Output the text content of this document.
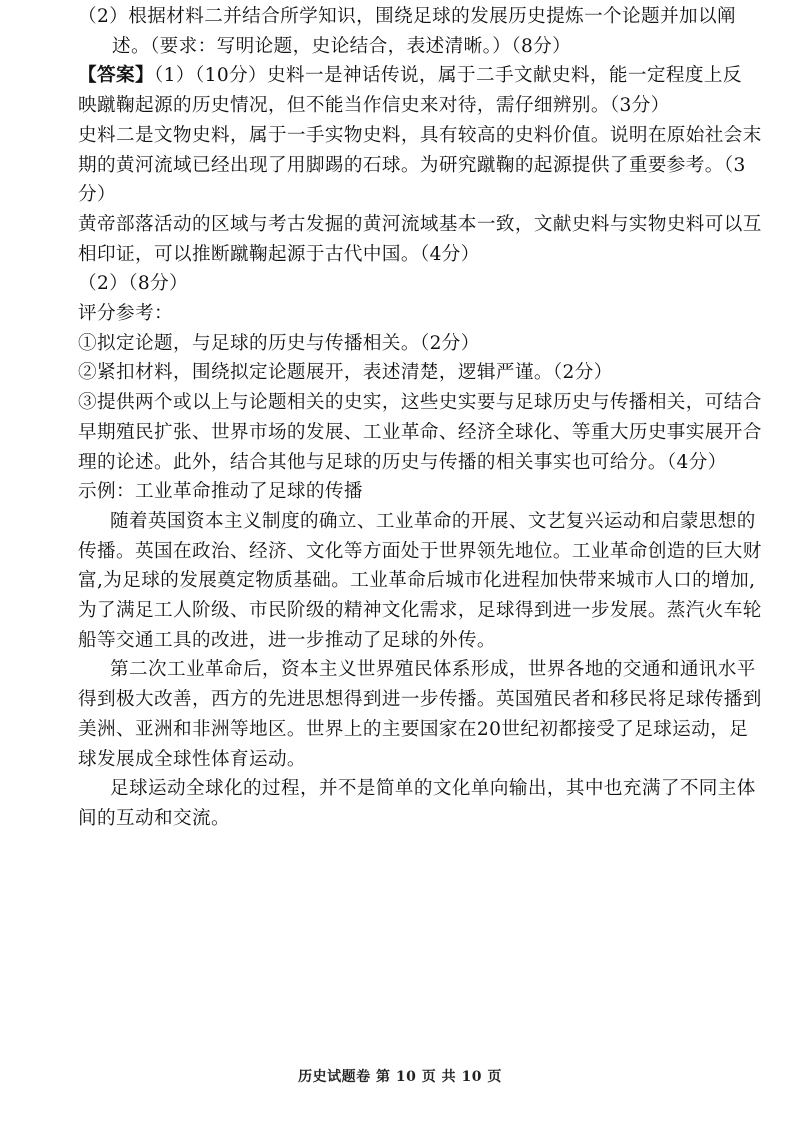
（2）根据材料二并结合所学知识，围绕足球的发展历史提炼一个论题并加以阐

述。（要求：写明论题，史论结合，表述清晰。）（8分）

【答案】（1）（10分）史料一是神话传说，属于二手文献史料，能一定程度上反

映蹴鞠起源的历史情况，但不能当作信史来对待，需仔细辨别。（3分）

史料二是文物史料，属于一手实物史料，具有较高的史料价值。说明在原始社会末

期的黄河流域已经出现了用脚踢的石球。为研究蹴鞠的起源提供了重要参考。（3

分）

黄帝部落活动的区域与考古发掘的黄河流域基本一致，文献史料与实物史料可以互

相印证，可以推断蹴鞠起源于古代中国。（4分）

（2）（8分）

评分参考：

①拟定论题，与足球的历史与传播相关。（2分）

②紧扣材料，围绕拟定论题展开，表述清楚，逻辑严谨。（2分）

③提供两个或以上与论题相关的史实，这些史实要与足球历史与传播相关，可结合

早期殖民扩张、世界市场的发展、工业革命、经济全球化、等重大历史事实展开合

理的论述。此外，结合其他与足球的历史与传播的相关事实也可给分。（4分）

示例：工业革命推动了足球的传播

随着英国资本主义制度的确立、工业革命的开展、文艺复兴运动和启蒙思想的

传播。英国在政治、经济、文化等方面处于世界领先地位。工业革命创造的巨大财

富,为足球的发展奠定物质基础。工业革命后城市化进程加快带来城市人口的增加,

为了满足工人阶级、市民阶级的精神文化需求，足球得到进一步发展。蒸汽火车轮

船等交通工具的改进，进一步推动了足球的外传。

第二次工业革命后，资本主义世界殖民体系形成，世界各地的交通和通讯水平

得到极大改善，西方的先进思想得到进一步传播。英国殖民者和移民将足球传播到

美洲、亚洲和非洲等地区。世界上的主要国家在20世纪初都接受了足球运动，足

球发展成全球性体育运动。

足球运动全球化的过程，并不是简单的文化单向输出，其中也充满了不同主体

间的互动和交流。

历史试题卷 第 10 页 共 10 页
